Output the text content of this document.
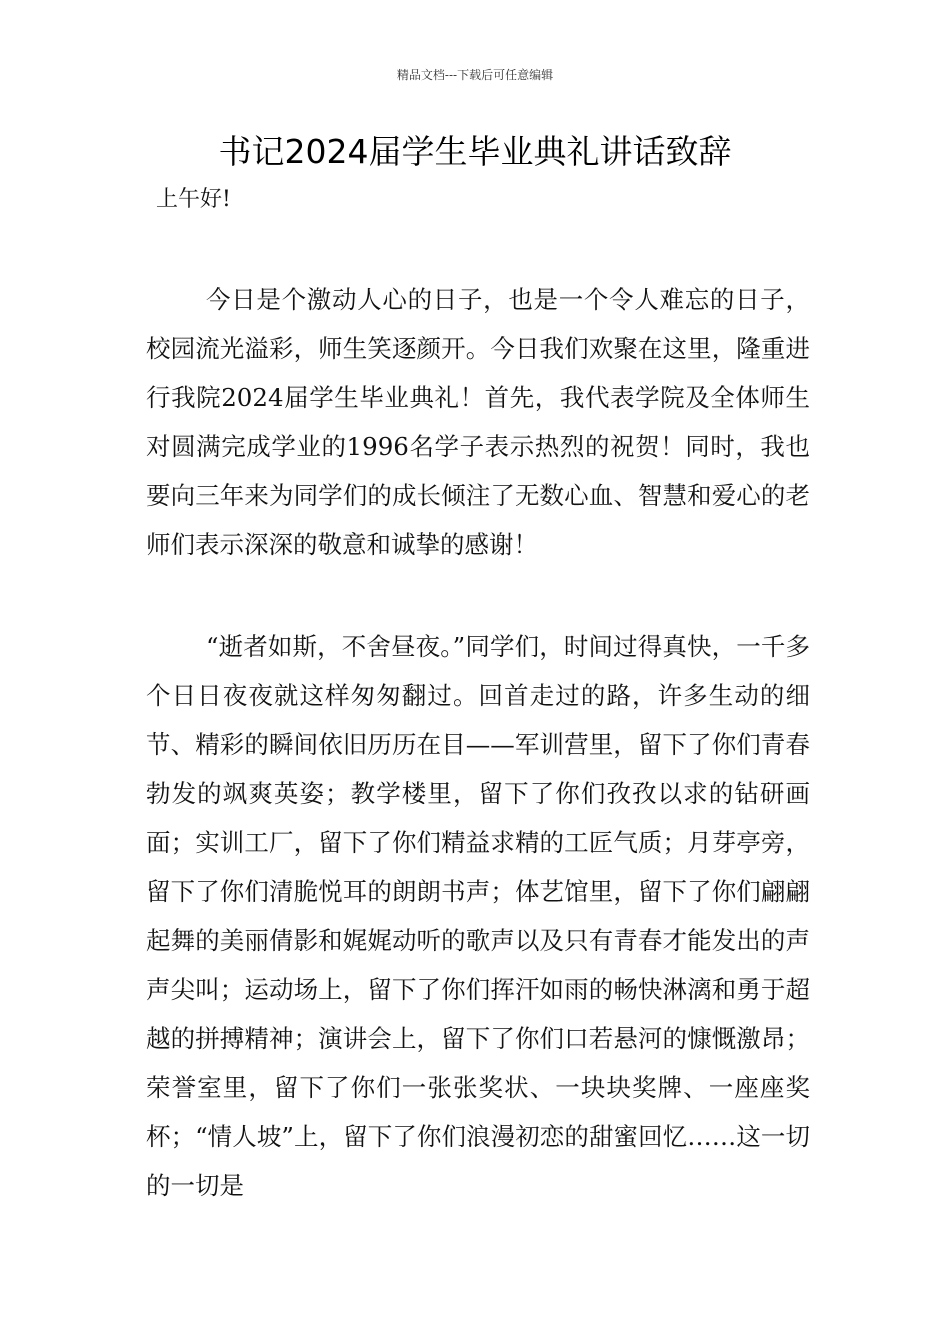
精品文档---下载后可任意编辑
书记2024届学生毕业典礼讲话致辞
上午好!

今日是个激动人心的日子，也是一个令人难忘的日子，校园流光溢彩，师生笑逐颜开。今日我们欢聚在这里，隆重进行我院2024届学生毕业典礼！首先，我代表学院及全体师生对圆满完成学业的1996名学子表示热烈的祝贺！同时，我也要向三年来为同学们的成长倾注了无数心血、智慧和爱心的老师们表示深深的敬意和诚挚的感谢！

“逝者如斯，不舍昼夜。”同学们，时间过得真快，一千多个日日夜夜就这样匆匆翻过。回首走过的路，许多生动的细节、精彩的瞬间依旧历历在目——军训营里，留下了你们青春勃发的飒爽英姿；教学楼里，留下了你们孜孜以求的钻研画面；实训工厂，留下了你们精益求精的工匠气质；月芽亭旁，留下了你们清脆悦耳的朗朗书声；体艺馆里，留下了你们翩翩起舞的美丽倩影和娓娓动听的歌声以及只有青春才能发出的声声尖叫；运动场上，留下了你们挥汗如雨的畅快淋漓和勇于超越的拼搏精神；演讲会上，留下了你们口若悬河的慷慨激昂；荣誉室里，留下了你们一张张奖状、一块块奖牌、一座座奖杯；“情人坡”上，留下了你们浪漫初恋的甜蜜回忆……这一切的一切是
